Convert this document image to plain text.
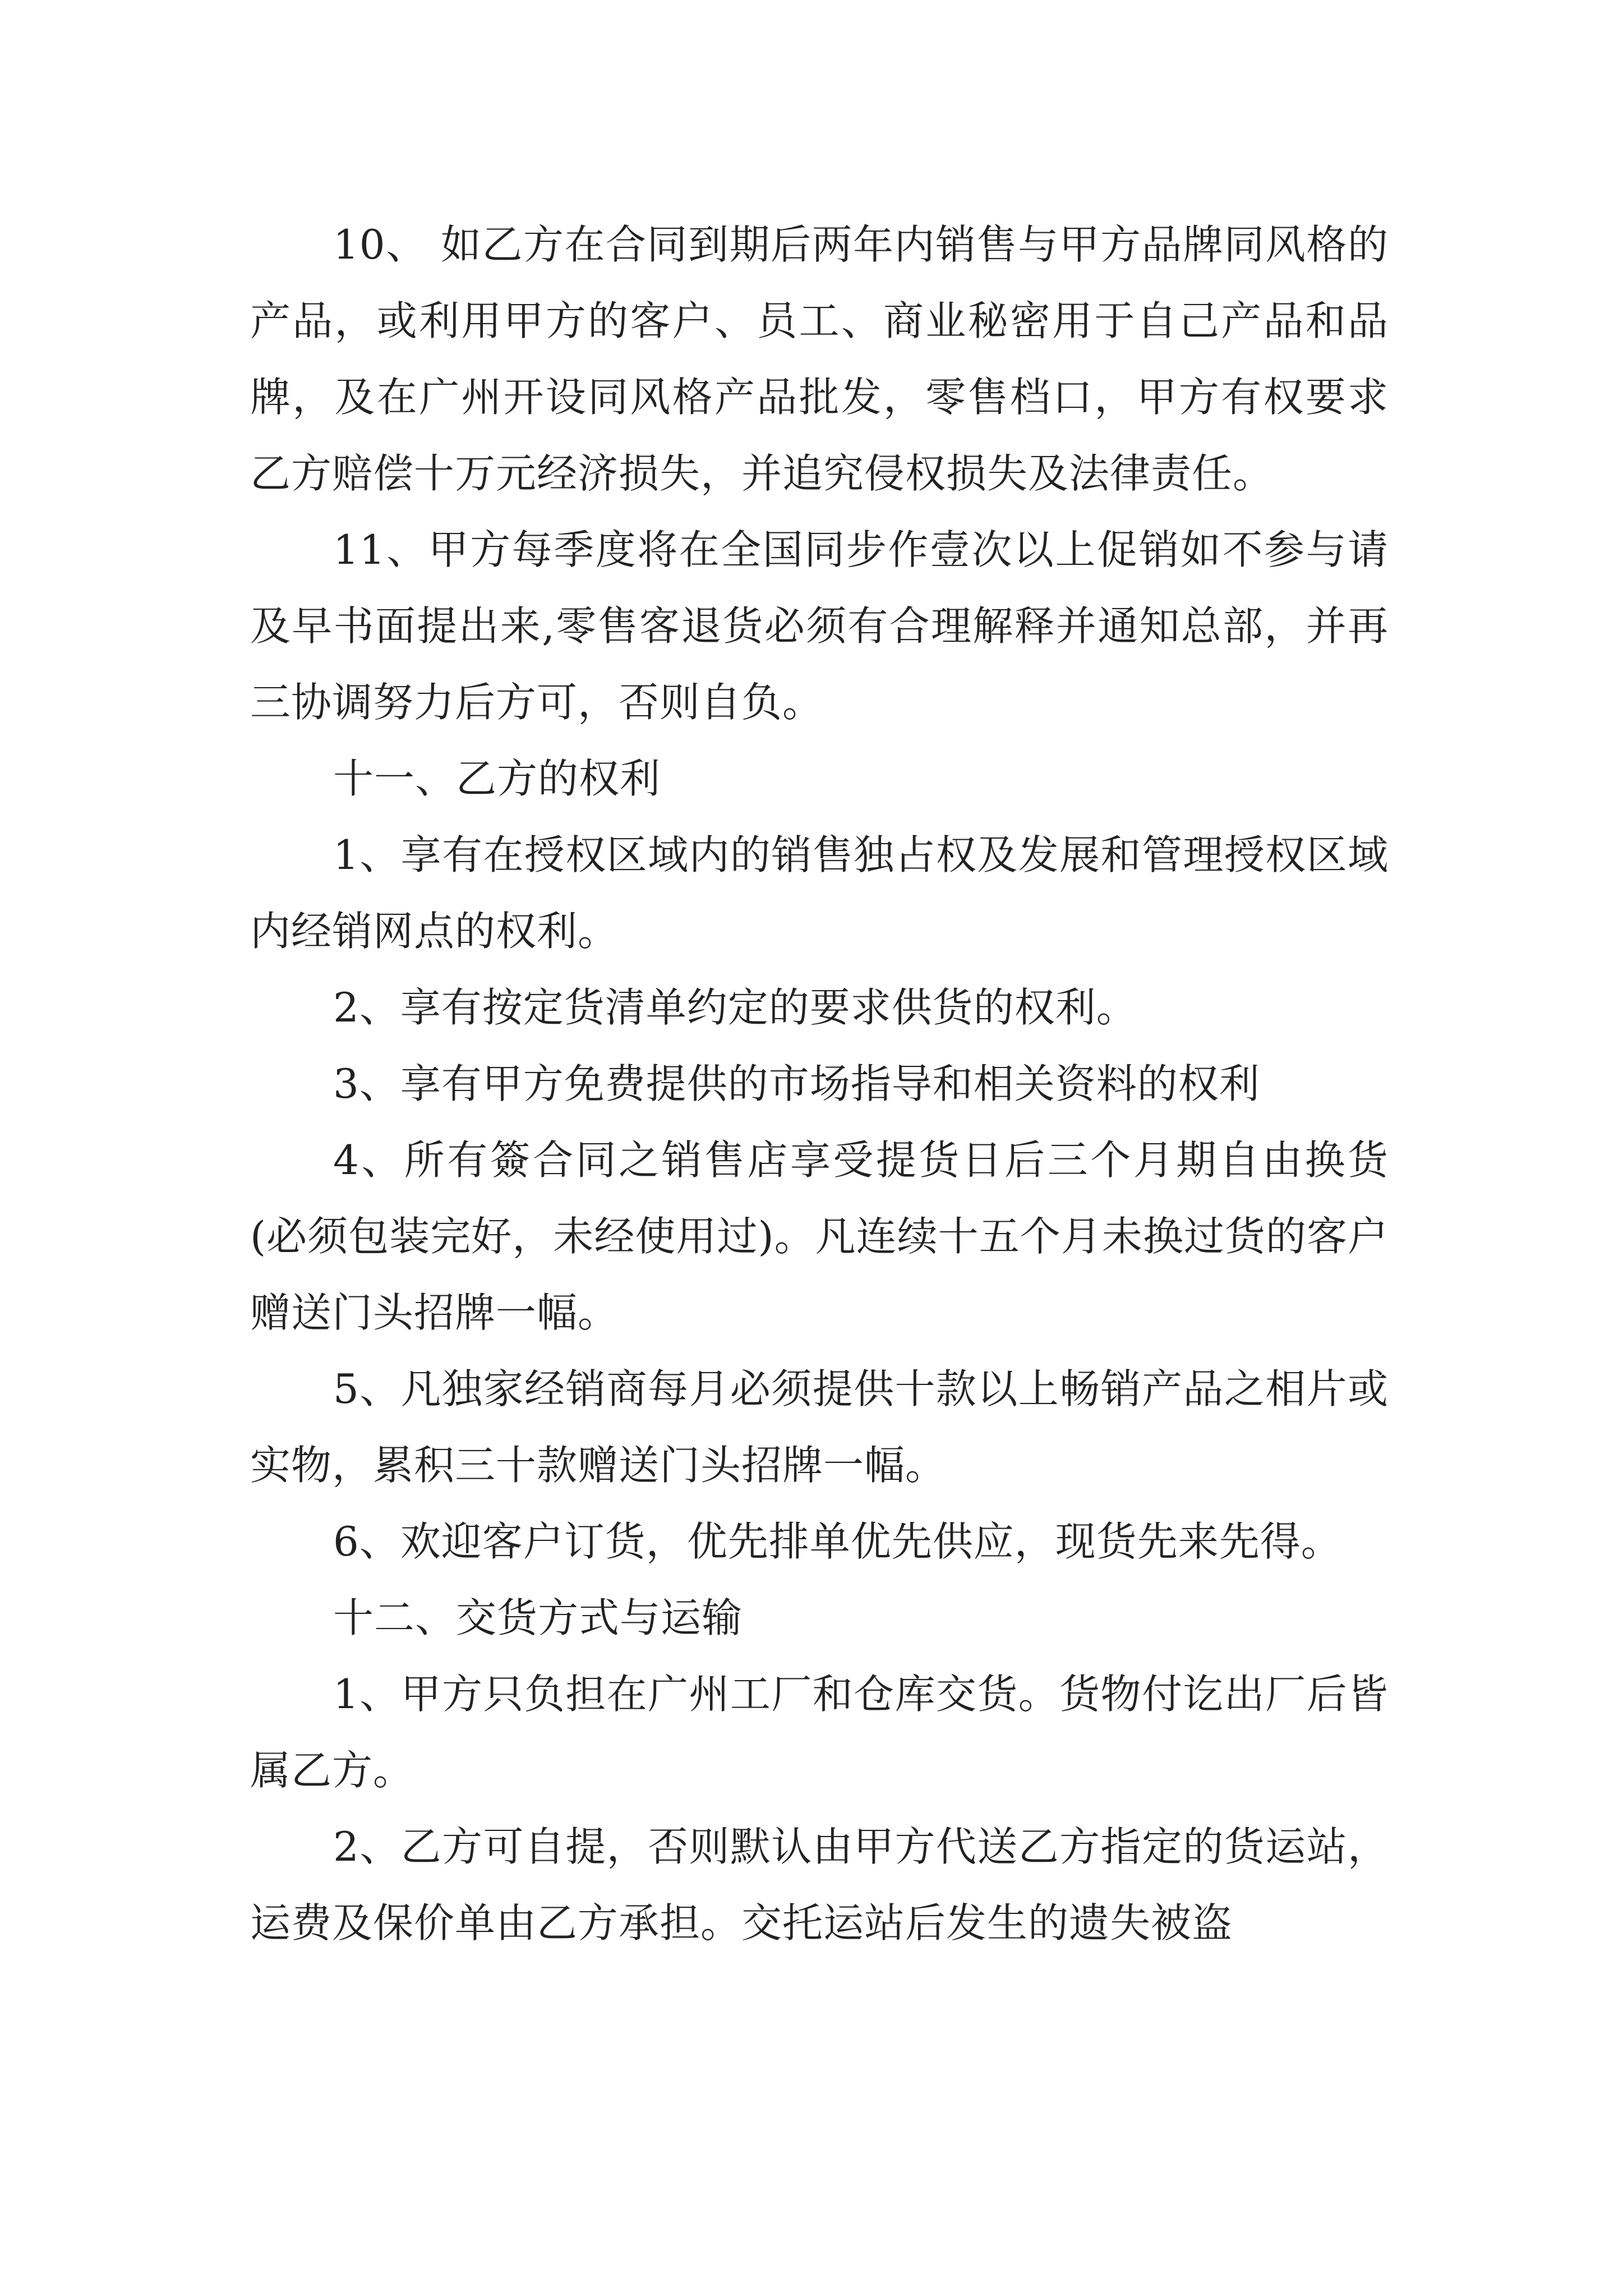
10、 如乙方在合同到期后两年内销售与甲方品牌同风格的产品，或利用甲方的客户、员工、商业秘密用于自己产品和品牌，及在广州开设同风格产品批发，零售档口，甲方有权要求乙方赔偿十万元经济损失，并追究侵权损失及法律责任。

11、甲方每季度将在全国同步作壹次以上促销如不参与请及早书面提出来,零售客退货必须有合理解释并通知总部，并再三协调努力后方可，否则自负。

十一、乙方的权利

1、享有在授权区域内的销售独占权及发展和管理授权区域内经销网点的权利。

2、享有按定货清单约定的要求供货的权利。

3、享有甲方免费提供的市场指导和相关资料的权利

4、所有簽合同之销售店享受提货日后三个月期自由换货(必须包装完好，未经使用过)。凡连续十五个月未换过货的客户赠送门头招牌一幅。

5、凡独家经销商每月必须提供十款以上畅销产品之相片或实物，累积三十款赠送门头招牌一幅。

6、欢迎客户订货，优先排单优先供应，现货先来先得。

十二、交货方式与运输

1、甲方只负担在广州工厂和仓库交货。货物付讫出厂后皆属乙方。

2、乙方可自提，否则默认由甲方代送乙方指定的货运站，运费及保价单由乙方承担。交托运站后发生的遗失被盗
